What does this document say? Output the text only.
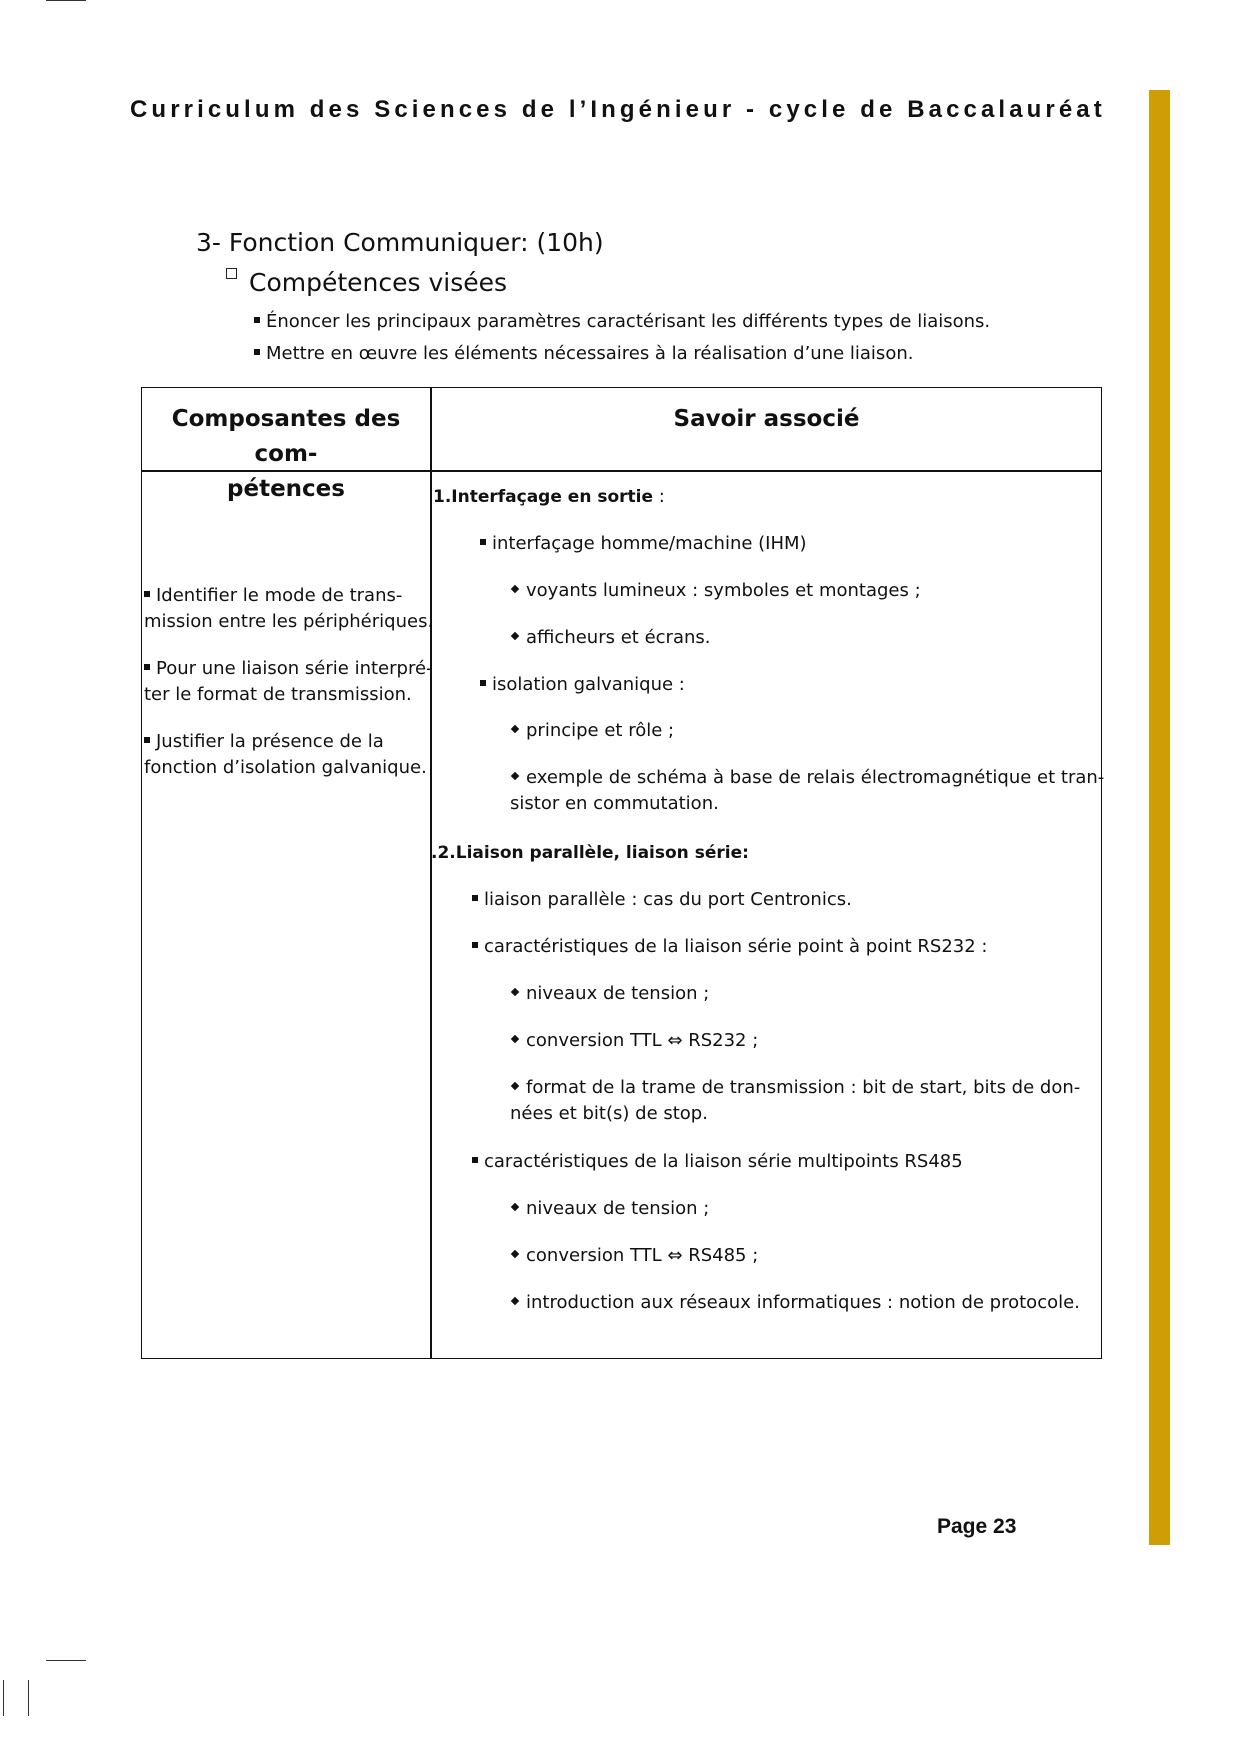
Curriculum des Sciences de l’Ingénieur - cycle de Baccalauréat
3- Fonction Communiquer: (10h)
Compétences visées
Énoncer les principaux paramètres caractérisant les différents types de liaisons.
Mettre en œuvre les éléments nécessaires à la réalisation d’une liaison.
Composantes des com-
pétences
Savoir associé
Identifier le mode de trans-
mission entre les périphériques.
Pour une liaison série interpré-
ter le format de transmission.
Justifier la présence de la
fonction d’isolation galvanique.
1.Interfaçage en sortie :
interfaçage homme/machine (IHM)
voyants lumineux : symboles et montages ;
afficheurs et écrans.
isolation galvanique :
principe et rôle ;
exemple de schéma à base de relais électromagnétique et tran-
sistor en commutation.
.2.Liaison parallèle, liaison série:
liaison parallèle : cas du port Centronics.
caractéristiques de la liaison série point à point RS232 :
niveaux de tension ;
conversion TTL ⇔ RS232 ;
format de la trame de transmission : bit de start, bits de don-
nées et bit(s) de stop.
caractéristiques de la liaison série multipoints RS485
niveaux de tension ;
conversion TTL ⇔ RS485 ;
introduction aux réseaux informatiques : notion de protocole.
Page 23
